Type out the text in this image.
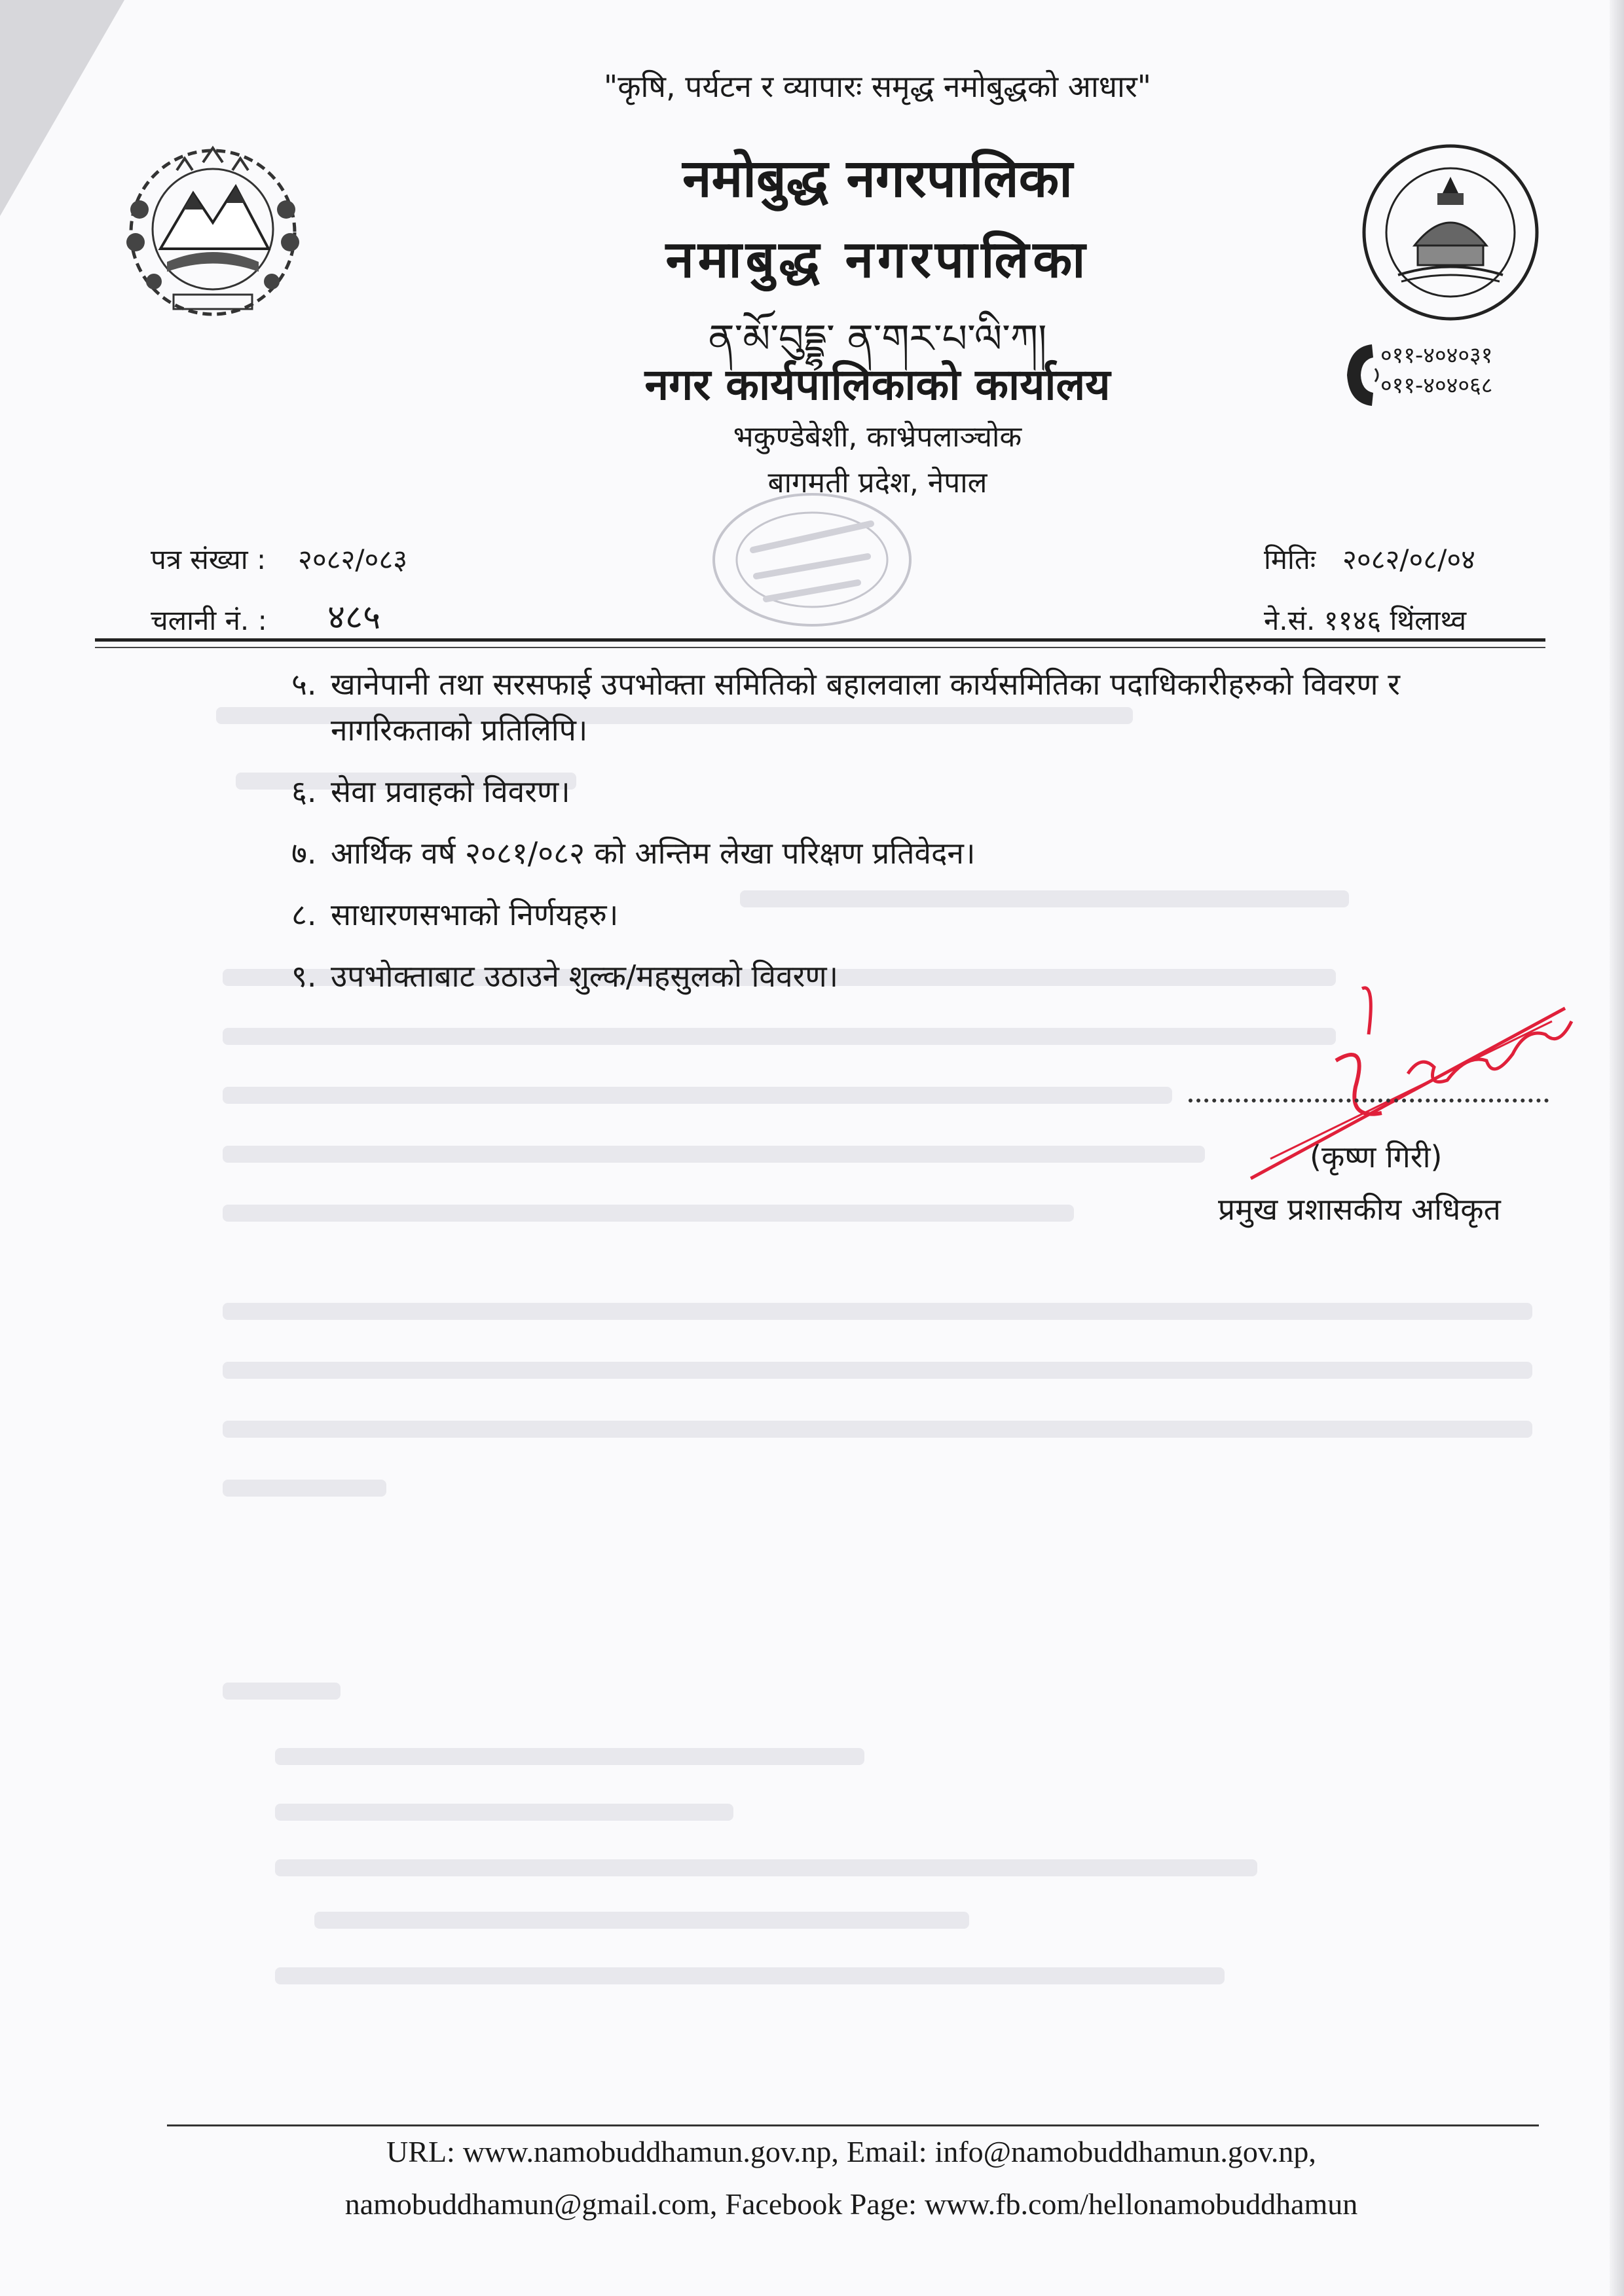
०११-४०४०३१
०११-४०४०६८
"कृषि, पर्यटन र व्यापारः समृद्ध नमोबुद्धको आधार"
नमोबुद्ध नगरपालिका
नमाबुद्ध नगरपालिका
ན་མོ་བུདྡྷ་ ན་གར་པ་ལི་ཀ།
नगर कार्यपालिकाको कार्यालय
भकुण्डेबेशी, काभ्रेपलाञ्चोक
बागमती प्रदेश, नेपाल
पत्र संख्या : २०८२/०८३
चलानी नं. : ४८५
मितिः २०८२/०८/०४
ने.सं. ११४६ थिंलाथ्व
५. खानेपानी तथा सरसफाई उपभोक्ता समितिको बहालवाला कार्यसमितिका पदाधिकारीहरुको विवरण र नागरिकताको प्रतिलिपि।
६. सेवा प्रवाहको विवरण।
७. आर्थिक वर्ष २०८१/०८२ को अन्तिम लेखा परिक्षण प्रतिवेदन।
८. साधारणसभाको निर्णयहरु।
९. उपभोक्ताबाट उठाउने शुल्क/महसुलको विवरण।
(कृष्ण गिरी)
प्रमुख प्रशासकीय अधिकृत
URL: www.namobuddhamun.gov.np, Email: info@namobuddhamun.gov.np,
namobuddhamun@gmail.com, Facebook Page: www.fb.com/hellonamobuddhamun
